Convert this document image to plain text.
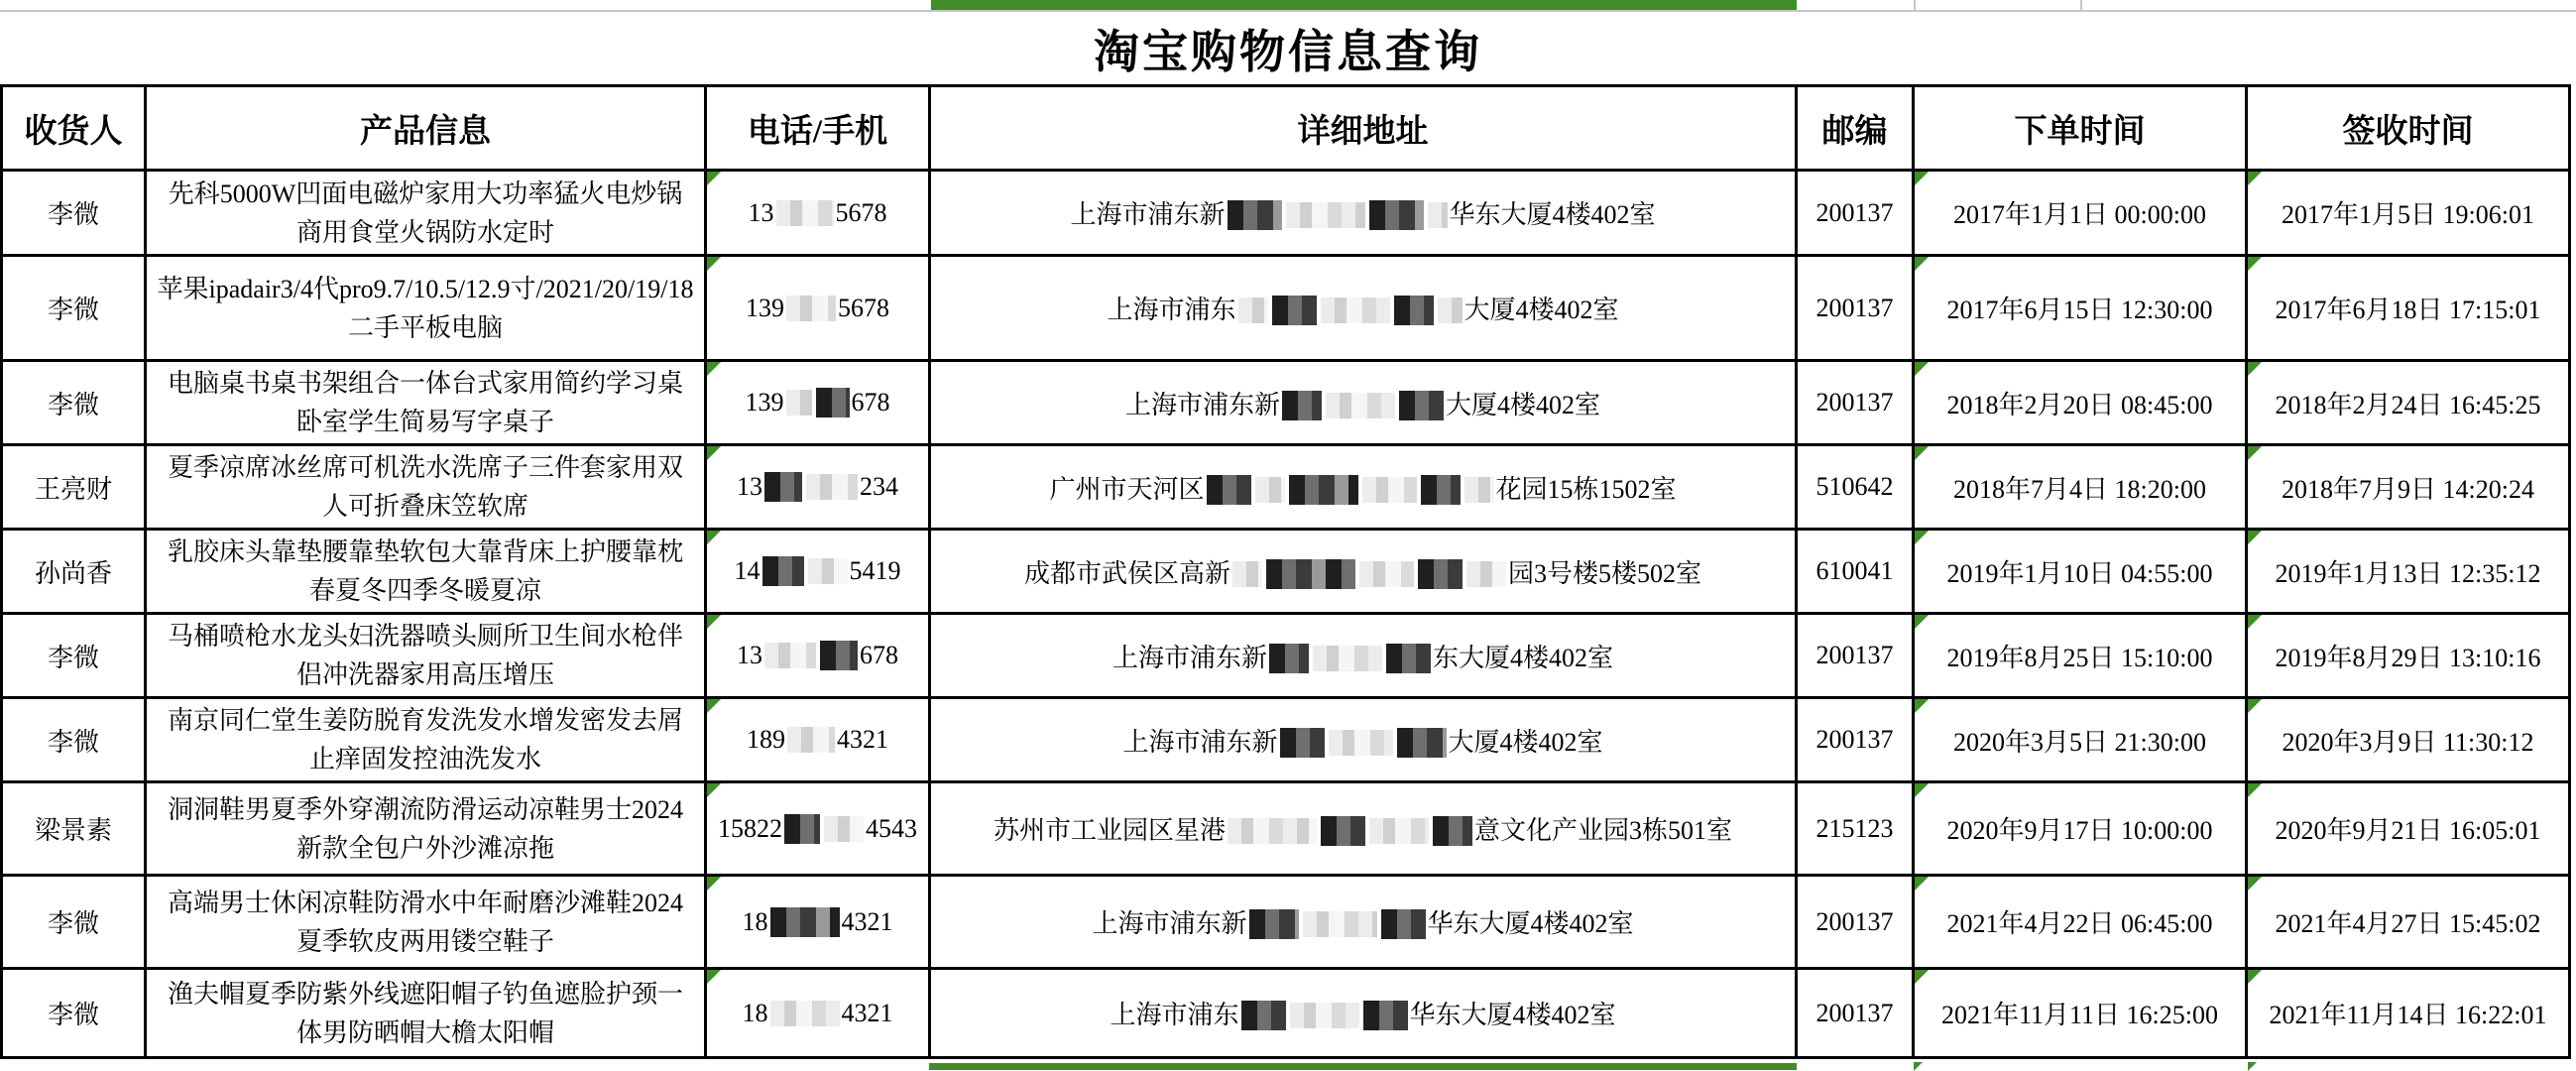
淘宝购物信息查询
收货人	产品信息	电话/手机	详细地址	邮编	下单时间	签收时间
李微	先科5000W凹面电磁炉家用大功率猛火电炒锅商用食堂火锅防水定时	13 5678	上海市浦东新 华东大厦4楼402室	200137	2017年1月1日 00:00:00	2017年1月5日 19:06:01
李微	苹果ipadair3/4代pro9.7/10.5/12.9寸/2021/20/19/18二手平板电脑	139 5678	上海市浦东 大厦4楼402室	200137	2017年6月15日 12:30:00	2017年6月18日 17:15:01
李微	电脑桌书桌书架组合一体台式家用简约学习桌卧室学生简易写字桌子	139 678	上海市浦东新 大厦4楼402室	200137	2018年2月20日 08:45:00	2018年2月24日 16:45:25
王亮财	夏季凉席冰丝席可机洗水洗席子三件套家用双人可折叠床笠软席	13 234	广州市天河区 花园15栋1502室	510642	2018年7月4日 18:20:00	2018年7月9日 14:20:24
孙尚香	乳胶床头靠垫腰靠垫软包大靠背床上护腰靠枕春夏冬四季冬暖夏凉	14 5419	成都市武侯区高新 园3号楼5楼502室	610041	2019年1月10日 04:55:00	2019年1月13日 12:35:12
李微	马桶喷枪水龙头妇洗器喷头厕所卫生间水枪伴侣冲洗器家用高压增压	13 678	上海市浦东新 东大厦4楼402室	200137	2019年8月25日 15:10:00	2019年8月29日 13:10:16
李微	南京同仁堂生姜防脱育发洗发水增发密发去屑止痒固发控油洗发水	189 4321	上海市浦东新 大厦4楼402室	200137	2020年3月5日 21:30:00	2020年3月9日 11:30:12
梁景素	洞洞鞋男夏季外穿潮流防滑运动凉鞋男士2024新款全包户外沙滩凉拖	15822 4543	苏州市工业园区星港 意文化产业园3栋501室	215123	2020年9月17日 10:00:00	2020年9月21日 16:05:01
李微	高端男士休闲凉鞋防滑水中年耐磨沙滩鞋2024夏季软皮两用镂空鞋子	18 4321	上海市浦东新 华东大厦4楼402室	200137	2021年4月22日 06:45:00	2021年4月27日 15:45:02
李微	渔夫帽夏季防紫外线遮阳帽子钓鱼遮脸护颈一体男防晒帽大檐太阳帽	18 4321	上海市浦东 华东大厦4楼402室	200137	2021年11月11日 16:25:00	2021年11月14日 16:22:01
